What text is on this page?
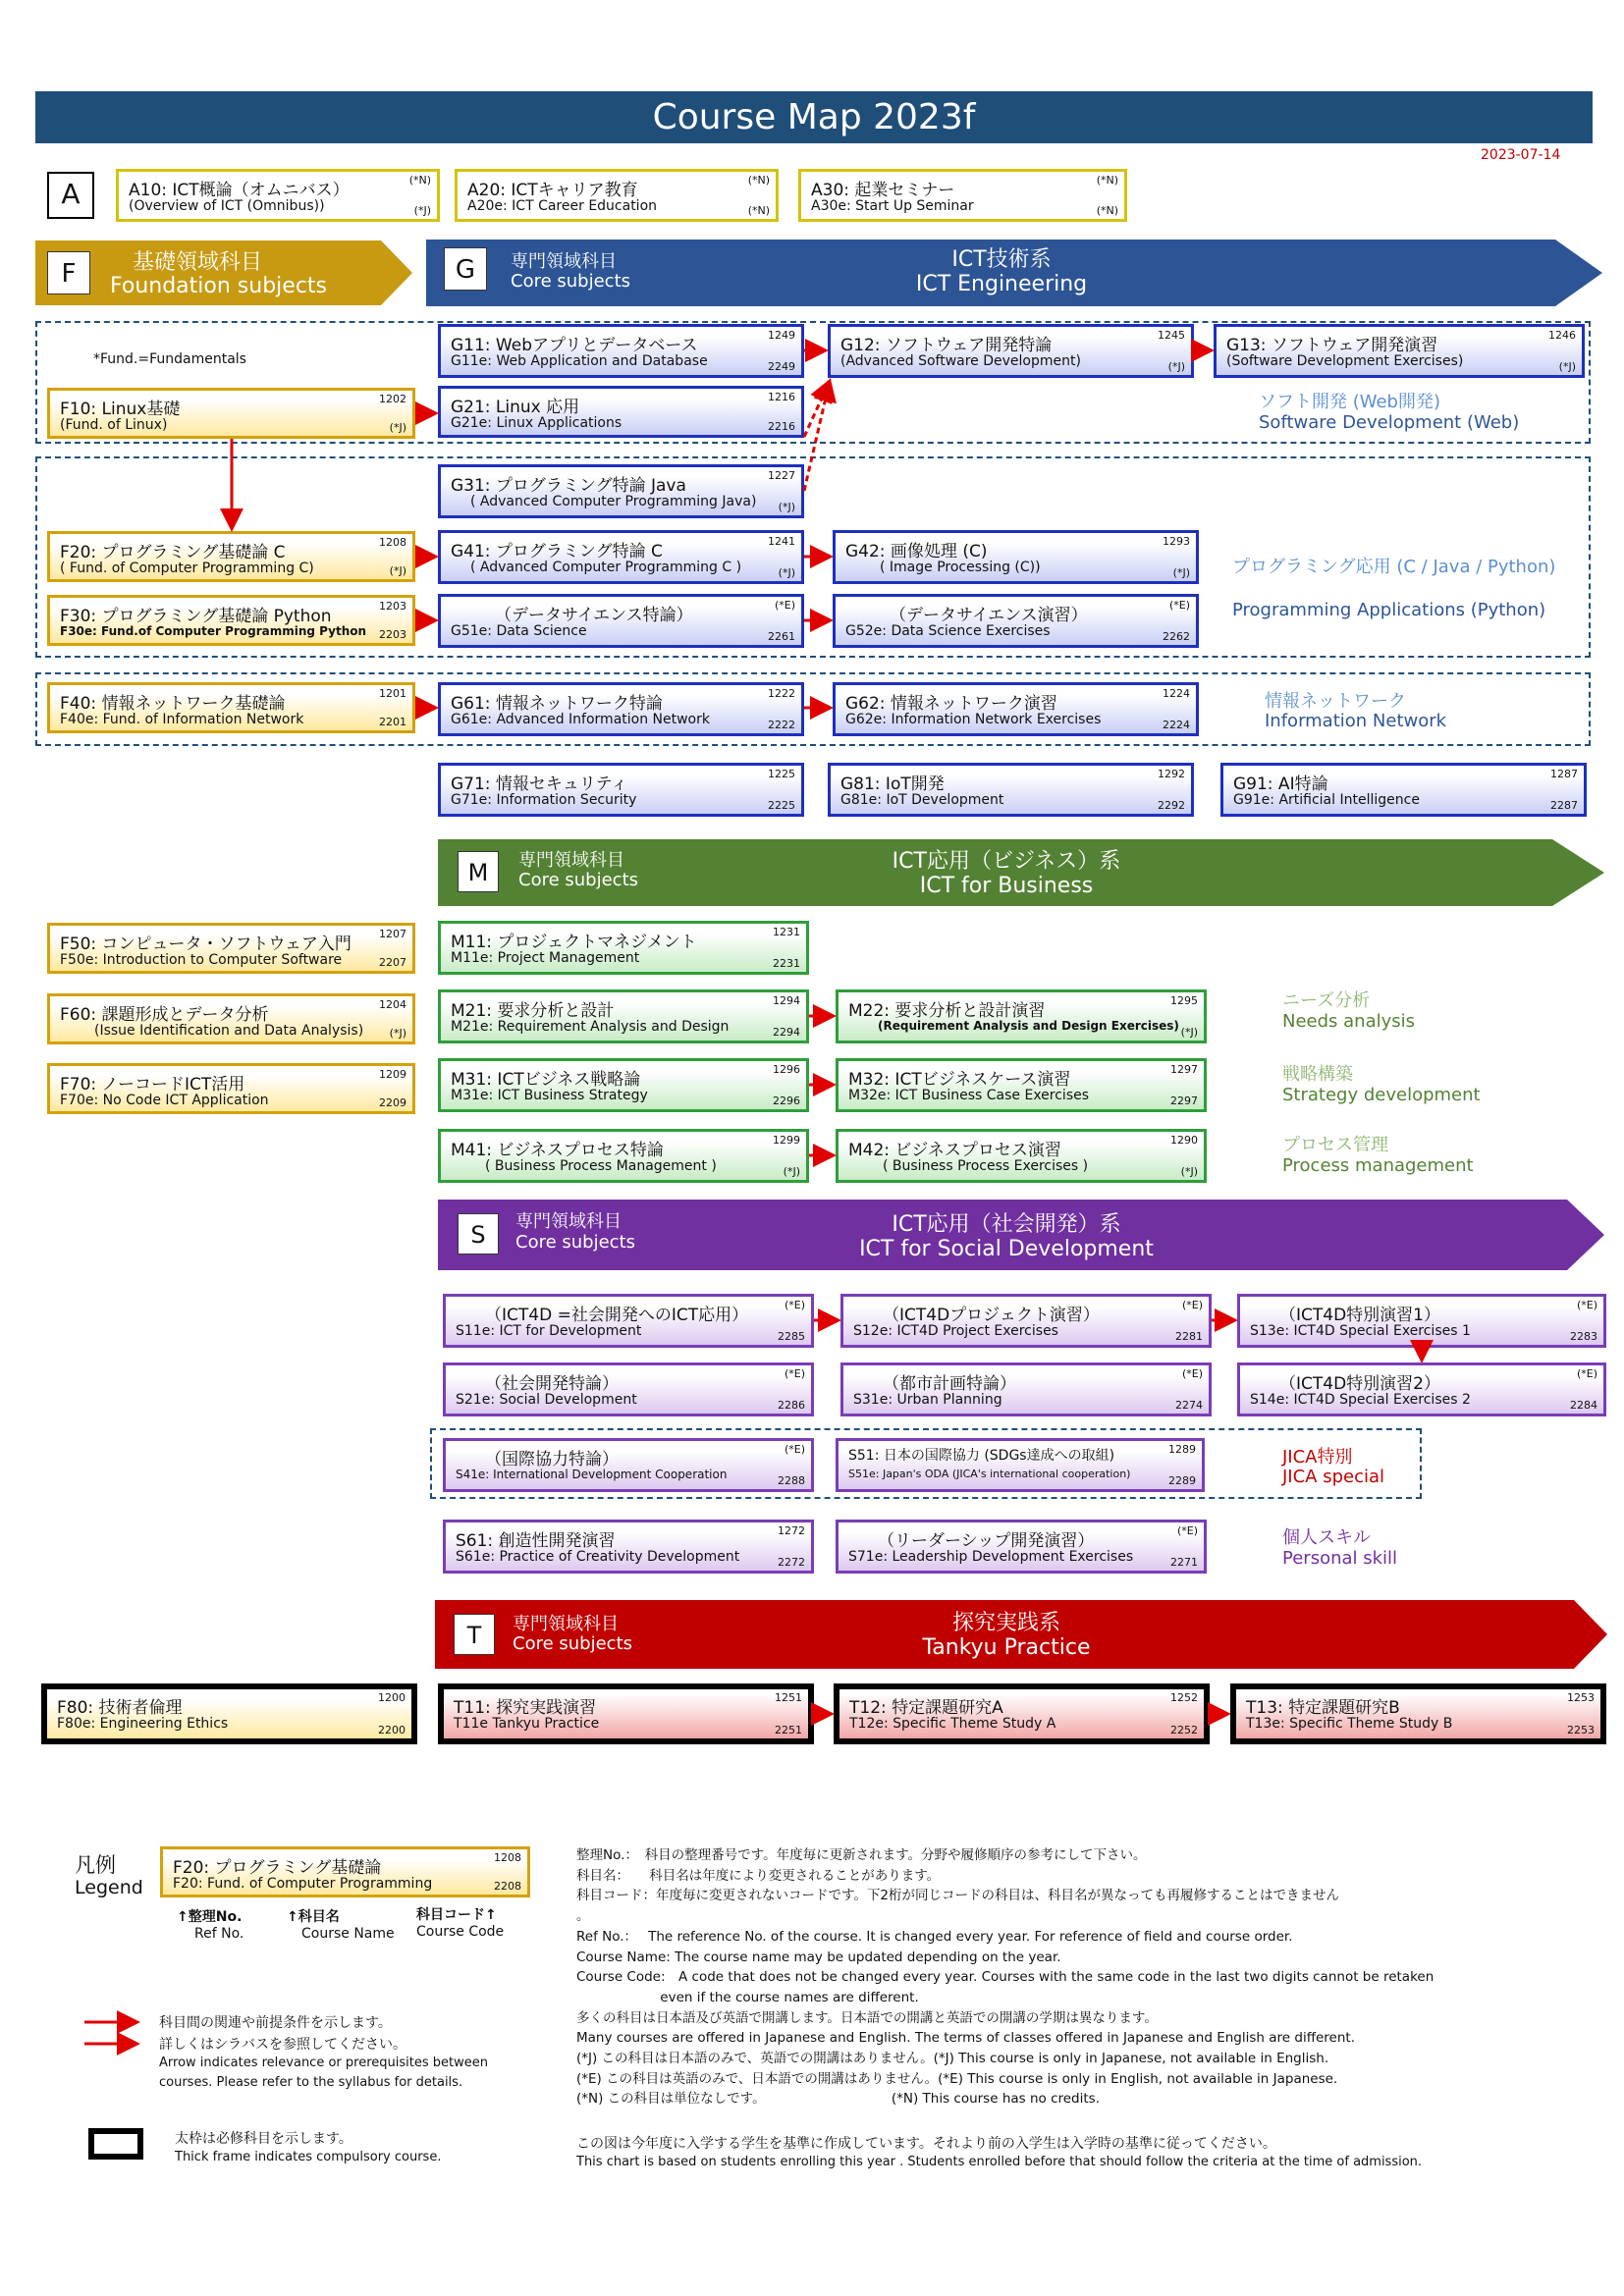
Course Map 2023f
2023-07-14
A	A10: ICT概論（オムニバス）
(Overview of ICT (Omnibus))
(*N)
(*J)
A20: ICTキャリア教育
A20e: ICT Career Education
(*N)
(*N)
A30: 起業セミナー
A30e: Start Up Seminar
(*N)
(*N)
F	基礎領域科目
Foundation subjects
G	専門領域科目
Core subjects
ICT技術系
ICT Engineering
*Fund.=Fundamentals
F10: Linux基礎
(Fund. of Linux)
1202
(*J)
F20: プログラミング基礎論 C
( Fund. of Computer Programming C)
1208
(*J)
F30: プログラミング基礎論 Python
F30e: Fund.of Computer Programming Python
1203
2203
F40: 情報ネットワーク基礎論
F40e: Fund. of Information Network
1201
2201
G11: Webアプリとデータベース
G11e: Web Application and Database
1249
2249
G12: ソフトウェア開発特論
(Advanced Software Development)
1245
(*J)
G13: ソフトウェア開発演習
(Software Development Exercises)
1246
(*J)
G21: Linux 応用
G21e: Linux Applications
1216
2216
G31: プログラミング特論 Java
( Advanced Computer Programming Java)
1227
(*J)
G41: プログラミング特論 C
( Advanced Computer Programming C )
1241
(*J)
G42: 画像処理 (C)
( Image Processing (C))
1293
(*J)
（データサイエンス特論）
G51e: Data Science
(*E)
2261
（データサイエンス演習）
G52e: Data Science Exercises
(*E)
2262
G61: 情報ネットワーク特論
G61e: Advanced Information Network
1222
2222
G62: 情報ネットワーク演習
G62e: Information Network Exercises
1224
2224
G71: 情報セキュリティ
G71e: Information Security
1225
2225
G81: IoT開発
G81e: IoT Development
1292
2292
G91: AI特論
G91e: Artificial Intelligence
1287
2287
ソフト開発 (Web開発)
Software Development (Web)
プログラミング応用 (C / Java / Python)
Programming Applications (Python)
情報ネットワーク
Information Network
M	専門領域科目
Core subjects
ICT応用（ビジネス）系
ICT for Business
F50: コンピュータ・ソフトウェア入門
F50e: Introduction to Computer Software
1207
2207
F60: 課題形成とデータ分析
(Issue Identification and Data Analysis)
1204
(*J)
F70: ノーコードICT活用
F70e: No Code ICT Application
1209
2209
M11: プロジェクトマネジメント
M11e: Project Management
1231
2231
M21: 要求分析と設計
M21e: Requirement Analysis and Design
1294
2294
M22: 要求分析と設計演習
(Requirement Analysis and Design Exercises)
1295
(*J)
M31: ICTビジネス戦略論
M31e: ICT Business Strategy
1296
2296
M32: ICTビジネスケース演習
M32e: ICT Business Case Exercises
1297
2297
M41: ビジネスプロセス特論
( Business Process Management )
1299
(*J)
M42: ビジネスプロセス演習
( Business Process Exercises )
1290
(*J)
ニーズ分析
Needs analysis
戦略構築
Strategy development
プロセス管理
Process management
S	専門領域科目
Core subjects
ICT応用（社会開発）系
ICT for Social Development
（ICT4D =社会開発へのICT応用）
S11e: ICT for Development
(*E)
2285
（ICT4Dプロジェクト演習）
S12e: ICT4D Project Exercises
(*E)
2281
（ICT4D特別演習1）
S13e: ICT4D Special Exercises 1
(*E)
2283
（社会開発特論）
S21e: Social Development
(*E)
2286
（都市計画特論）
S31e: Urban Planning
(*E)
2274
（ICT4D特別演習2）
S14e: ICT4D Special Exercises 2
(*E)
2284
（国際協力特論）
S41e: International Development Cooperation
(*E)
2288
S51: 日本の国際協力 (SDGs達成への取組)
S51e: Japan's ODA (JICA's international cooperation)
1289
2289
S61: 創造性開発演習
S61e: Practice of Creativity Development
1272
2272
（リーダーシップ開発演習）
S71e: Leadership Development Exercises
(*E)
2271
JICA特別
JICA special
個人スキル
Personal skill
T	専門領域科目
Core subjects
探究実践系
Tankyu Practice
F80: 技術者倫理
F80e: Engineering Ethics
1200
2200
T11: 探究実践演習
T11e Tankyu Practice
1251
2251
T12: 特定課題研究A
T12e: Specific Theme Study A
1252
2252
T13: 特定課題研究B
T13e: Specific Theme Study B
1253
2253
凡例
Legend
F20: プログラミング基礎論
F20: Fund. of Computer Programming
1208
2208
↑整理No.
Ref No.
↑科目名
Course Name
科目コード↑
Course Code
科目間の関連や前提条件を示します。
詳しくはシラバスを参照してください。
Arrow indicates relevance or prerequisites between
courses. Please refer to the syllabus for details.
太枠は必修科目を示します。
Thick frame indicates compulsory course.
整理No.：　科目の整理番号です。年度毎に更新されます。分野や履修順序の参考にして下さい。
科目名：　　科目名は年度により変更されることがあります。
科目コード：年度毎に変更されないコードです。下2桁が同じコードの科目は、科目名が異なっても再履修することはできません
。
Ref No.：　 The reference No. of the course. It is changed every year. For reference of field and course order.
Course Name: The course name may be updated depending on the year.
Course Code:　A code that does not be changed every year. Courses with the same code in the last two digits cannot be retaken
　　　　　　 even if the course names are different.
多くの科目は日本語及び英語で開講します。日本語での開講と英語での開講の学期は異なります。
Many courses are offered in Japanese and English. The terms of classes offered in Japanese and English are different.
(*J) この科目は日本語のみで、英語での開講はありません。(*J) This course is only in Japanese, not available in English.
(*E) この科目は英語のみで、日本語での開講はありません。(*E) This course is only in English, not available in Japanese.
(*N) この科目は単位なしです。　　　　　　　　　　(*N) This course has no credits.
この図は今年度に入学する学生を基準に作成しています。それより前の入学生は入学時の基準に従ってください。
This chart is based on students enrolling this year . Students enrolled before that should follow the criteria at the time of admission.
